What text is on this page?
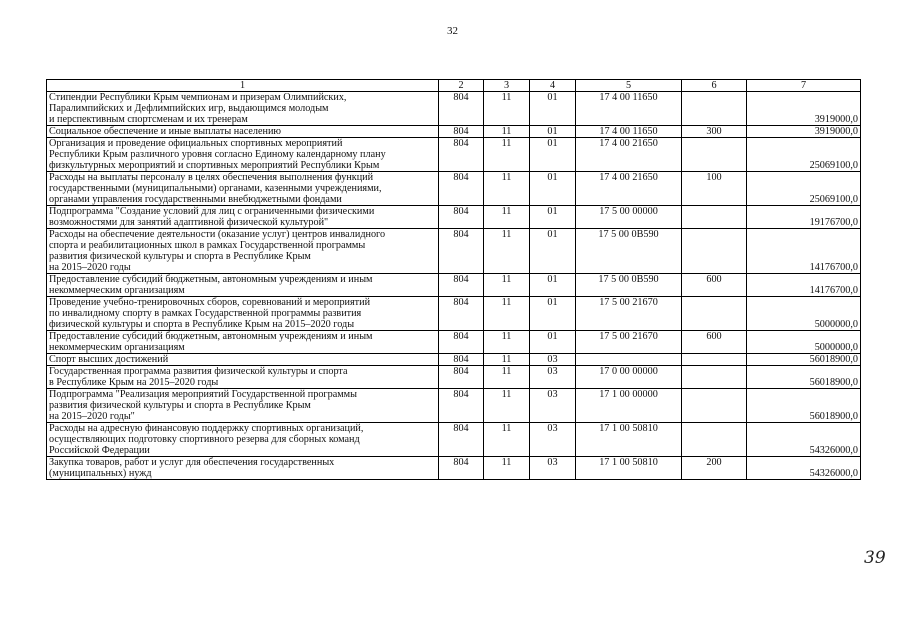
32
1	2	3	4	5	6	7

Стипендии Республики Крым чемпионам и призерам Олимпийских,
Паралимпийских и Дефлимпийских игр, выдающимся молодым
и перспективным спортсменам и их тренерам	804	11	01	17 4 00 11650		3919000,0

Социальное обеспечение и иные выплаты населению	804	11	01	17 4 00 11650	300	3919000,0

Организация и проведение официальных спортивных мероприятий
Республики Крым различного уровня согласно Единому календарному плану
физкультурных мероприятий и спортивных мероприятий Республики Крым	804	11	01	17 4 00 21650		25069100,0

Расходы на выплаты персоналу в целях обеспечения выполнения функций
государственными (муниципальными) органами, казенными учреждениями,
органами управления государственными внебюджетными фондами	804	11	01	17 4 00 21650	100	25069100,0

Подпрограмма "Создание условий для лиц с ограниченными физическими
возможностями для занятий адаптивной физической культурой"	804	11	01	17 5 00 00000		19176700,0

Расходы на обеспечение деятельности (оказание услуг) центров инвалидного
спорта и реабилитационных школ в рамках Государственной программы
развития физической культуры и спорта в Республике Крым
на 2015–2020 годы	804	11	01	17 5 00 0В590		14176700,0

Предоставление субсидий бюджетным, автономным учреждениям и иным
некоммерческим организациям	804	11	01	17 5 00 0В590	600	14176700,0

Проведение учебно-тренировочных сборов, соревнований и мероприятий
по инвалидному спорту в рамках Государственной программы развития
физической культуры и спорта в Республике Крым на 2015–2020 годы	804	11	01	17 5 00 21670		5000000,0

Предоставление субсидий бюджетным, автономным учреждениям и иным
некоммерческим организациям	804	11	01	17 5 00 21670	600	5000000,0

Спорт высших достижений	804	11	03			56018900,0

Государственная программа развития физической культуры и спорта
в Республике Крым на 2015–2020 годы	804	11	03	17 0 00 00000		56018900,0

Подпрограмма "Реализация мероприятий Государственной программы
развития физической культуры и спорта в Республике Крым
на 2015–2020 годы"	804	11	03	17 1 00 00000		56018900,0

Расходы на адресную финансовую поддержку спортивных организаций,
осуществляющих подготовку спортивного резерва для сборных команд
Российской Федерации	804	11	03	17 1 00 50810		54326000,0

Закупка товаров, работ и услуг для обеспечения государственных
(муниципальных) нужд	804	11	03	17 1 00 50810	200	54326000,0
39
